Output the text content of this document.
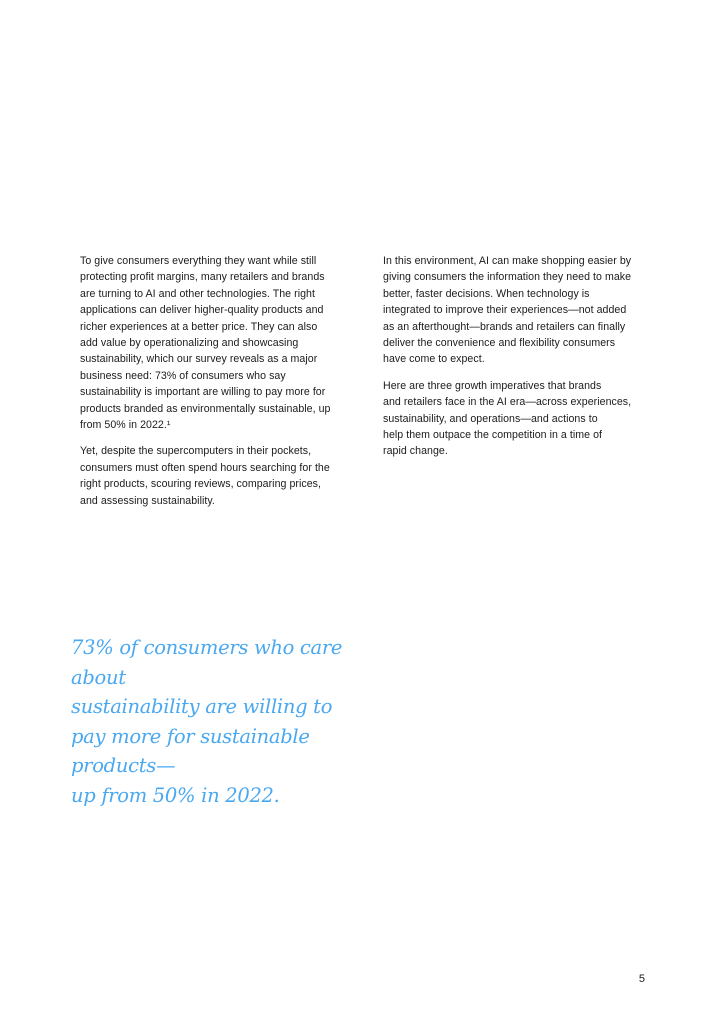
To give consumers everything they want while still
protecting profit margins, many retailers and brands
are turning to AI and other technologies. The right
applications can deliver higher-quality products and
richer experiences at a better price. They can also
add value by operationalizing and showcasing
sustainability, which our survey reveals as a major
business need: 73% of consumers who say
sustainability is important are willing to pay more for
products branded as environmentally sustainable, up
from 50% in 2022.¹

Yet, despite the supercomputers in their pockets,
consumers must often spend hours searching for the
right products, scouring reviews, comparing prices,
and assessing sustainability.

In this environment, AI can make shopping easier by
giving consumers the information they need to make
better, faster decisions. When technology is
integrated to improve their experiences—not added
as an afterthought—brands and retailers can finally
deliver the convenience and flexibility consumers
have come to expect.

Here are three growth imperatives that brands
and retailers face in the AI era—across experiences,
sustainability, and operations—and actions to
help them outpace the competition in a time of
rapid change.

73% of consumers who care about
sustainability are willing to
pay more for sustainable products—
up from 50% in 2022.

5
